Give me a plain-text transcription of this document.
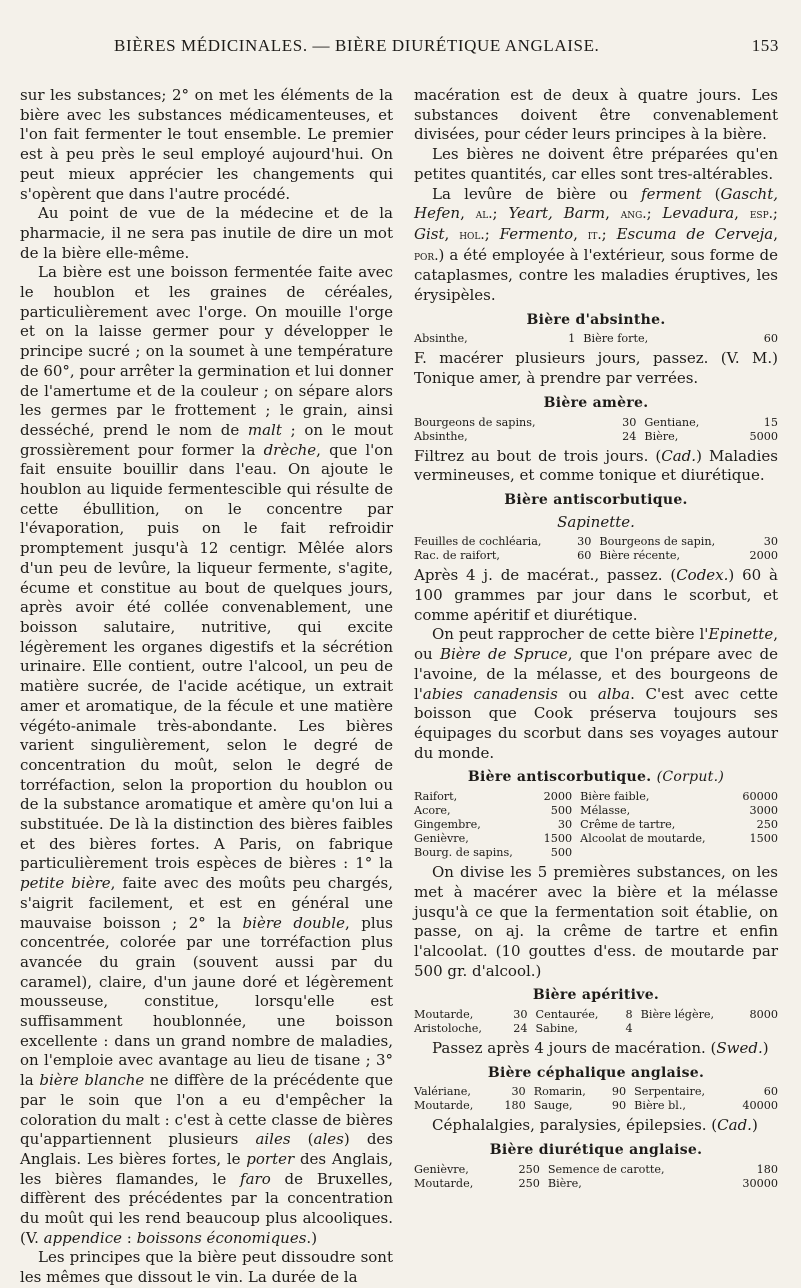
BIÈRES MÉDICINALES. — BIÈRE DIURÉTIQUE ANGLAISE.	153

sur les substances; 2° on met les éléments de la bière avec les substances médicamenteuses, et l'on fait fermenter le tout ensemble. Le premier est à peu près le seul employé aujourd'hui. On peut mieux apprécier les changements qui s'opèrent que dans l'autre procédé.

Au point de vue de la médecine et de la pharmacie, il ne sera pas inutile de dire un mot de la bière elle-même.

La bière est une boisson fermentée faite avec le houblon et les graines de céréales, particulièrement avec l'orge. On mouille l'orge et on la laisse germer pour y développer le principe sucré ; on la soumet à une température de 60°, pour arrêter la germination et lui donner de l'amertume et de la couleur ; on sépare alors les germes par le frottement ; le grain, ainsi desséché, prend le nom de malt ; on le mout grossièrement pour former la drèche, que l'on fait ensuite bouillir dans l'eau. On ajoute le houblon au liquide fermentescible qui résulte de cette ébullition, on le concentre par l'évaporation, puis on le fait refroidir promptement jusqu'à 12 centigr. Mêlée alors d'un peu de levûre, la liqueur fermente, s'agite, écume et constitue au bout de quelques jours, après avoir été collée convenablement, une boisson salutaire, nutritive, qui excite légèrement les organes digestifs et la sécrétion urinaire. Elle contient, outre l'alcool, un peu de matière sucrée, de l'acide acétique, un extrait amer et aromatique, de la fécule et une matière végéto-animale très-abondante. Les bières varient singulièrement, selon le degré de concentration du moût, selon le degré de torréfaction, selon la proportion du houblon ou de la substance aromatique et amère qu'on lui a substituée. De là la distinction des bières faibles et des bières fortes. A Paris, on fabrique particulièrement trois espèces de bières : 1° la petite bière, faite avec des moûts peu chargés, s'aigrit facilement, et est en général une mauvaise boisson ; 2° la bière double, plus concentrée, colorée par une torréfaction plus avancée du grain (souvent aussi par du caramel), claire, d'un jaune doré et légèrement mousseuse, constitue, lorsqu'elle est suffisamment houblonnée, une boisson excellente : dans un grand nombre de maladies, on l'emploie avec avantage au lieu de tisane ; 3° la bière blanche ne diffère de la précédente que par le soin que l'on a eu d'empêcher la coloration du malt : c'est à cette classe de bières qu'appartiennent plusieurs ailes (ales) des Anglais. Les bières fortes, le porter des Anglais, les bières flamandes, le faro de Bruxelles, diffèrent des précédentes par la concentration du moût qui les rend beaucoup plus alcooliques. (V. appendice : boissons économiques.)

Les principes que la bière peut dissoudre sont les mêmes que dissout le vin. La durée de la

macération est de deux à quatre jours. Les substances doivent être convenablement divisées, pour céder leurs principes à la bière.

Les bières ne doivent être préparées qu'en petites quantités, car elles sont tres-altérables.

La levûre de bière ou ferment (Gascht, Hefen, al.; Yeart, Barm, ang.; Levadura, esp.; Gist, hol.; Fermento, it.; Escuma de Cerveja, por.) a été employée à l'extérieur, sous forme de cataplasmes, contre les maladies éruptives, les érysipèles.

Bière d'absinthe.
Absinthe,	1	Bière forte,	60

F. macérer plusieurs jours, passez. (V. M.) Tonique amer, à prendre par verrées.

Bière amère.
Bourgeons de sapins,	30	Gentiane,	15
Absinthe,	24	Bière,	5000

Filtrez au bout de trois jours. (Cad.) Maladies vermineuses, et comme tonique et diurétique.

Bière antiscorbutique.
Sapinette.
Feuilles de cochléaria,	30	Bourgeons de sapin,	30
Rac. de raifort,	60	Bière récente,	2000

Après 4 j. de macérat., passez. (Codex.) 60 à 100 grammes par jour dans le scorbut, et comme apéritif et diurétique.

On peut rapprocher de cette bière l'Epinette, ou Bière de Spruce, que l'on prépare avec de l'avoine, de la mélasse, et des bourgeons de l'abies canadensis ou alba. C'est avec cette boisson que Cook préserva toujours ses équipages du scorbut dans ses voyages autour du monde.

Bière antiscorbutique. (Corput.)
Raifort,	2000	Bière faible,	60000
Acore,	500	Mélasse,	3000
Gingembre,	30	Crême de tartre,	250
Genièvre,	1500	Alcoolat de moutarde,	1500
Bourg. de sapins,	500		

On divise les 5 premières substances, on les met à macérer avec la bière et la mélasse jusqu'à ce que la fermentation soit établie, on passe, on aj. la crême de tartre et enfin l'alcoolat. (10 gouttes d'ess. de moutarde par 500 gr. d'alcool.)

Bière apéritive.
Moutarde,	30	Centaurée,	8	Bière légère,	8000
Aristoloche,	24	Sabine,	4		

Passez après 4 jours de macération. (Swed.)

Bière céphalique anglaise.
Valériane,	30	Romarin,	90	Serpentaire,	60
Moutarde,	180	Sauge,	90	Bière bl.,	40000

Céphalalgies, paralysies, épilepsies. (Cad.)

Bière diurétique anglaise.
Genièvre,	250	Semence de carotte,	180
Moutarde,	250	Bière,	30000
